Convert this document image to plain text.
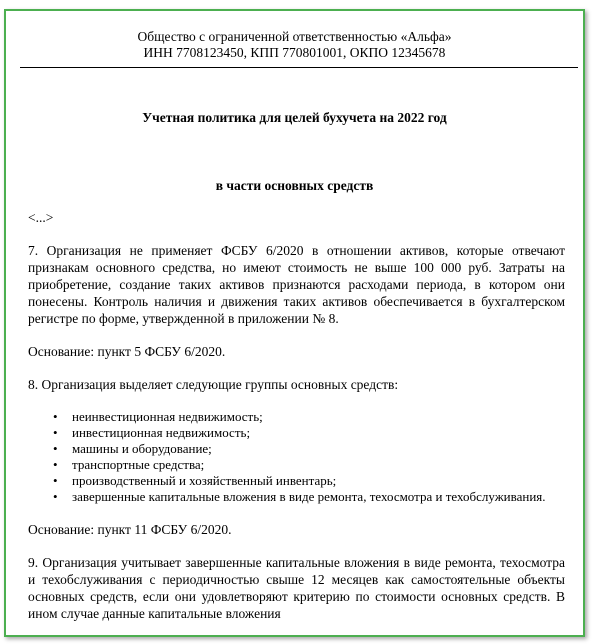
Общество с ограниченной ответственностью «Альфа»
ИНН 7708123450, КПП 770801001, ОКПО 12345678
Учетная политика для целей бухучета на 2022 год
в части основных средств

<...>

7. Организация не применяет ФСБУ 6/2020 в отношении активов, которые отвечают признакам основного средства, но имеют стоимость не выше 100 000 руб. Затраты на приобретение, создание таких активов признаются расходами периода, в котором они понесены. Контроль наличия и движения таких активов обеспечивается в бухгалтерском регистре по форме, утвержденной в приложении № 8.

Основание: пункт 5 ФСБУ 6/2020.

8. Организация выделяет следующие группы основных средств:

• неинвестиционная недвижимость;
• инвестиционная недвижимость;
• машины и оборудование;
• транспортные средства;
• производственный и хозяйственный инвентарь;
• завершенные капитальные вложения в виде ремонта, техосмотра и техобслуживания.

Основание: пункт 11 ФСБУ 6/2020.

9. Организация учитывает завершенные капитальные вложения в виде ремонта, техосмотра и техобслуживания с периодичностью свыше 12 месяцев как самостоятельные объекты основных средств, если они удовлетворяют критерию по стоимости основных средств. В ином случае данные капитальные вложения
